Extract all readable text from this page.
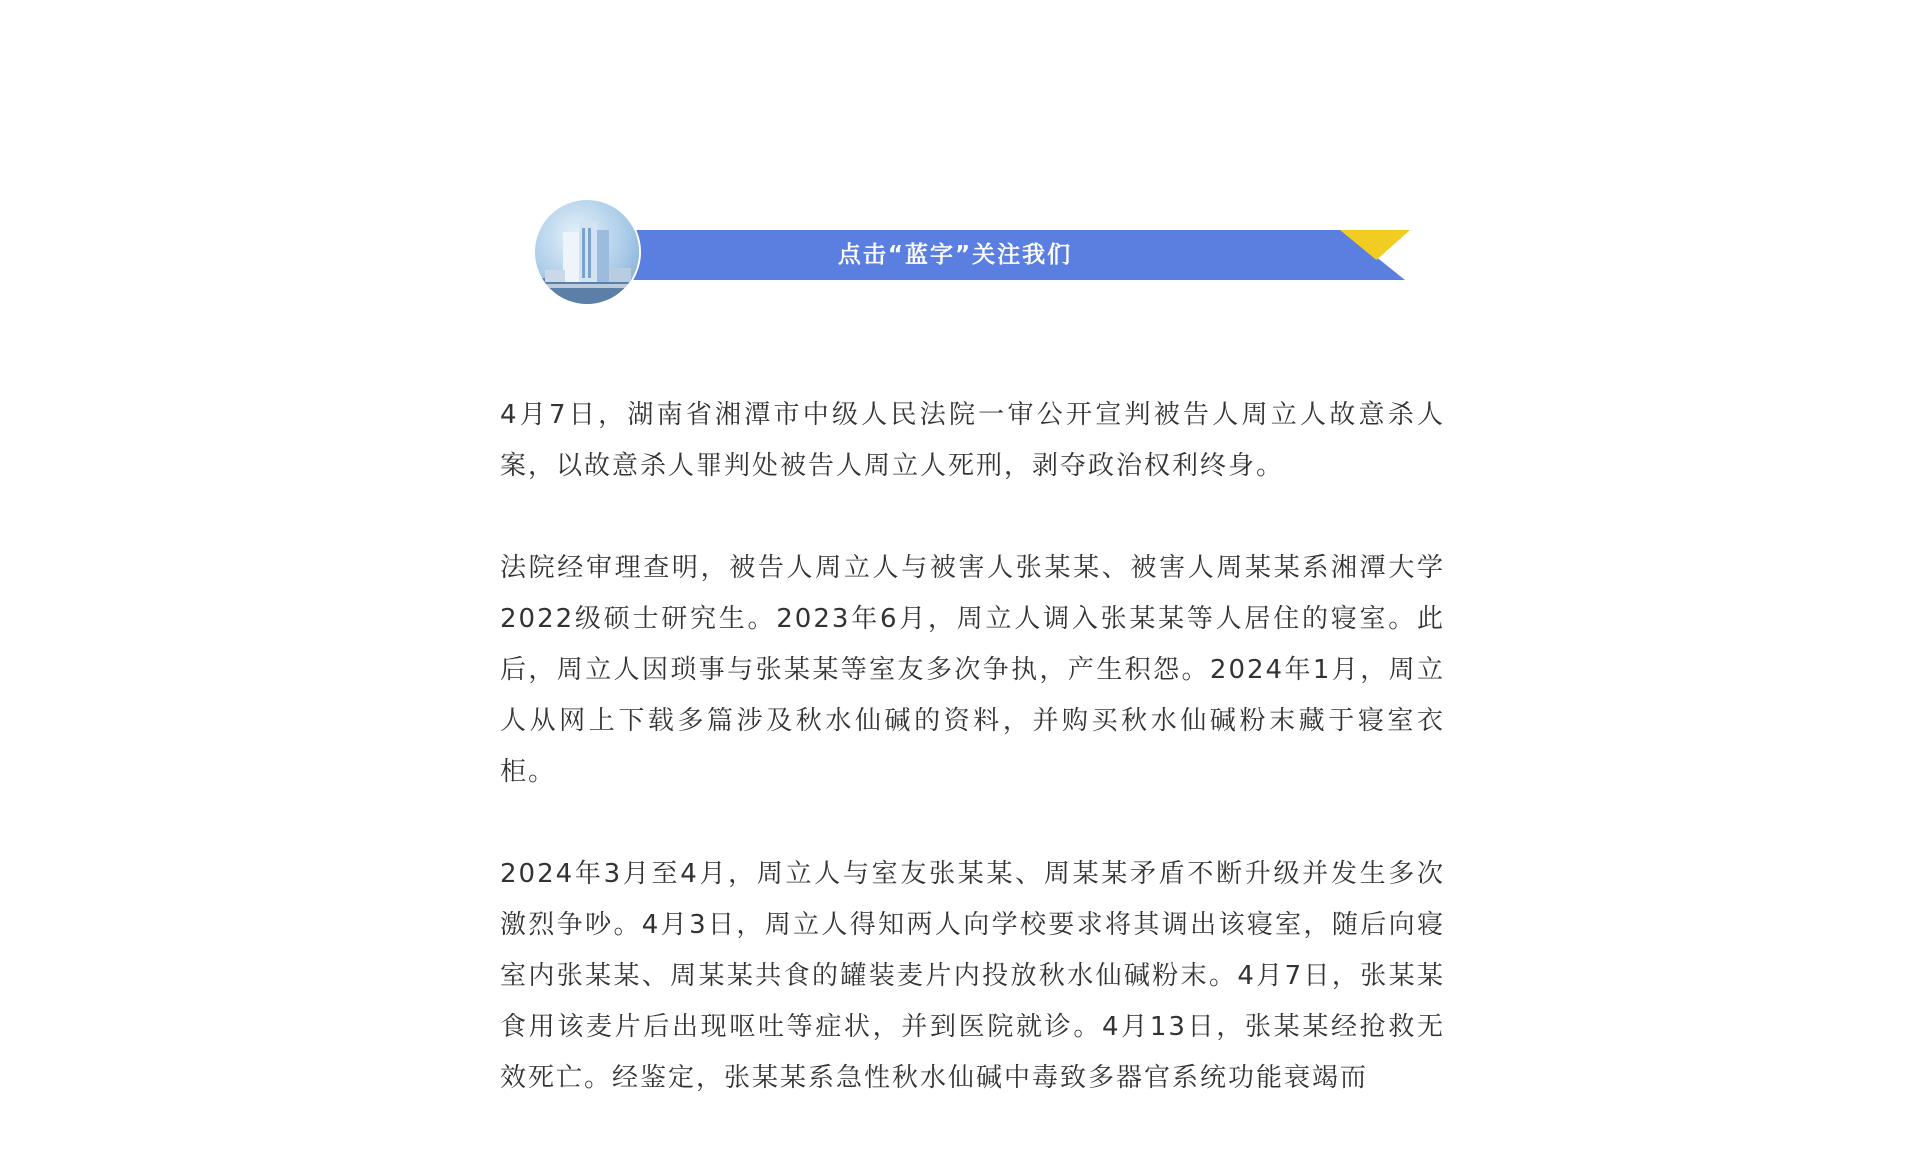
点击“蓝字”关注我们

4月7日，湖南省湘潭市中级人民法院一审公开宣判被告人周立人故意杀人案，以故意杀人罪判处被告人周立人死刑，剥夺政治权利终身。

法院经审理查明，被告人周立人与被害人张某某、被害人周某某系湘潭大学2022级硕士研究生。2023年6月，周立人调入张某某等人居住的寝室。此后，周立人因琐事与张某某等室友多次争执，产生积怨。2024年1月，周立人从网上下载多篇涉及秋水仙碱的资料，并购买秋水仙碱粉末藏于寝室衣柜。

2024年3月至4月，周立人与室友张某某、周某某矛盾不断升级并发生多次激烈争吵。4月3日，周立人得知两人向学校要求将其调出该寝室，随后向寝室内张某某、周某某共食的罐装麦片内投放秋水仙碱粉末。4月7日，张某某食用该麦片后出现呕吐等症状，并到医院就诊。4月13日，张某某经抢救无效死亡。经鉴定，张某某系急性秋水仙碱中毒致多器官系统功能衰竭而
